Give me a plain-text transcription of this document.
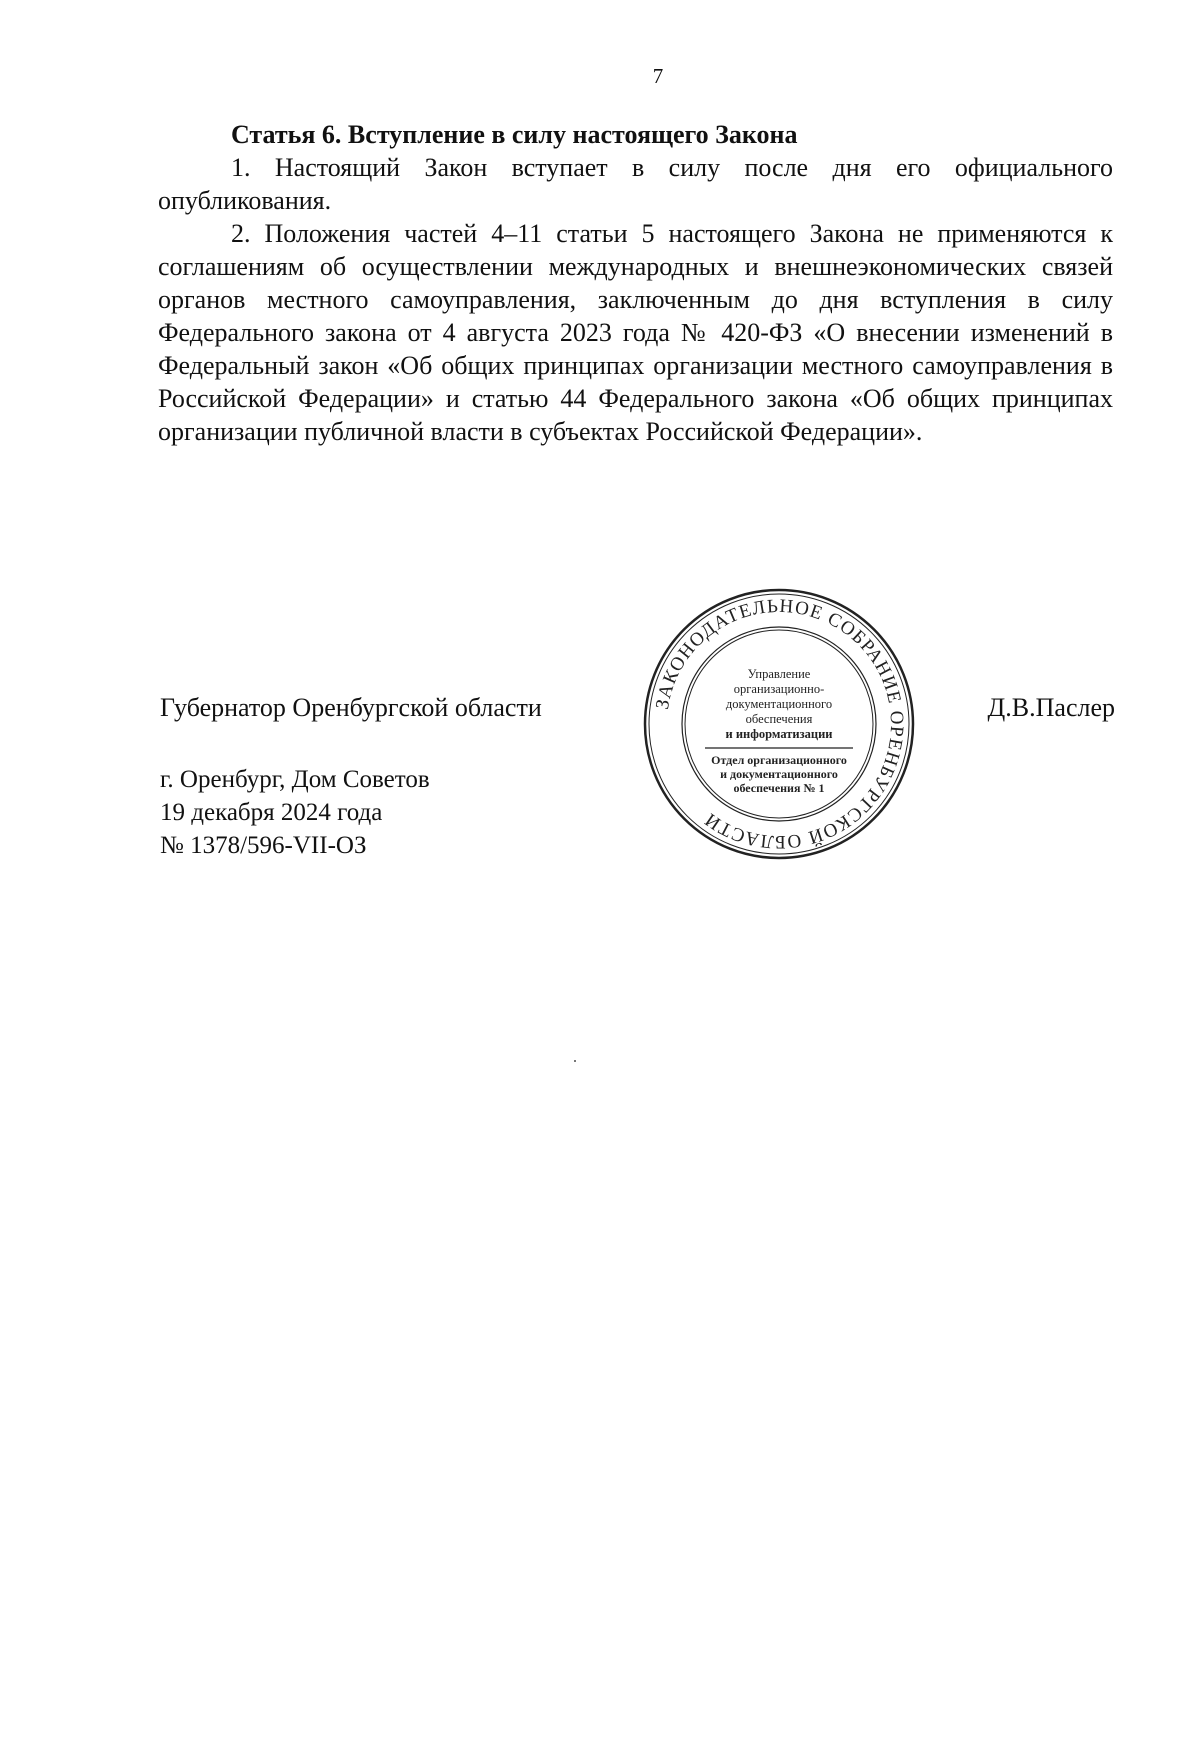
7

Статья 6. Вступление в силу настоящего Закона

1. Настоящий Закон вступает в силу после дня его официального опубликования.

2. Положения частей 4–11 статьи 5 настоящего Закона не применяются к соглашениям об осуществлении международных и внешнеэкономических связей органов местного самоуправления, заключенным до дня вступления в силу Федерального закона от 4 августа 2023 года № 420-ФЗ «О внесении изменений в Федеральный закон «Об общих принципах организации местного самоуправления в Российской Федерации» и статью 44 Федерального закона «Об общих принципах организации публичной власти в субъектах Российской Федерации».

Губернатор Оренбургской области	Д.В.Паслер
г. Оренбург, Дом Советов
19 декабря 2024 года
№ 1378/596-VII-ОЗ
ЗАКОНОДАТЕЛЬНОЕ СОБРАНИЕ ОРЕНБУРГСКОЙ ОБЛАСТИ
Управление
организационно-
документационного
обеспечения
и информатизации
Отдел организационного
и документационного
обеспечения № 1
